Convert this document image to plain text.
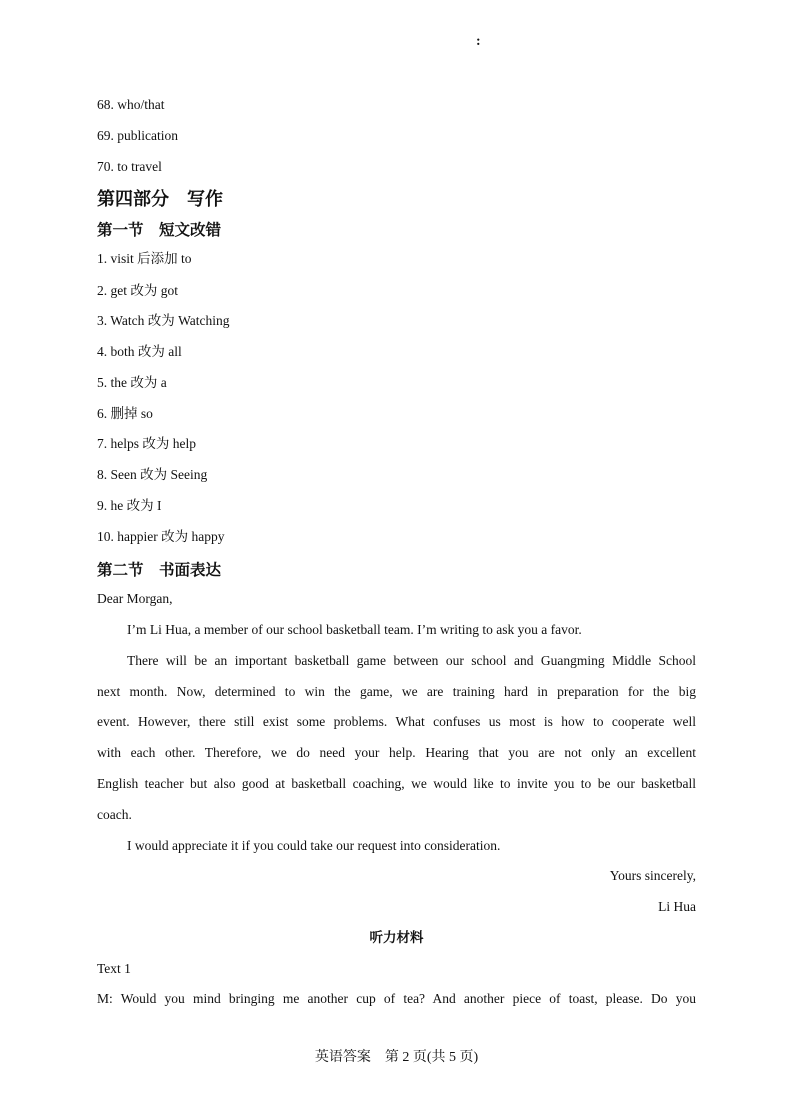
:
68. who/that
69. publication
70. to travel
第四部分　写作
第一节　短文改错
1. visit 后添加 to
2. get 改为 got
3. Watch 改为 Watching
4. both 改为 all
5. the 改为 a
6. 删掉 so
7. helps 改为 help
8. Seen 改为 Seeing
9. he 改为 I
10. happier 改为 happy
第二节　书面表达
Dear Morgan,
I’m Li Hua, a member of our school basketball team. I’m writing to ask you a favor.
There will be an important basketball game between our school and Guangming Middle School
next month. Now, determined to win the game, we are training hard in preparation for the big
event. However, there still exist some problems. What confuses us most is how to cooperate well
with each other. Therefore, we do need your help. Hearing that you are not only an excellent
English teacher but also good at basketball coaching, we would like to invite you to be our basketball
coach.
I would appreciate it if you could take our request into consideration.
Yours sincerely,
Li Hua
听力材料
Text 1
M: Would you mind bringing me another cup of tea? And another piece of toast, please. Do you
英语答案　第 2 页(共 5 页)
